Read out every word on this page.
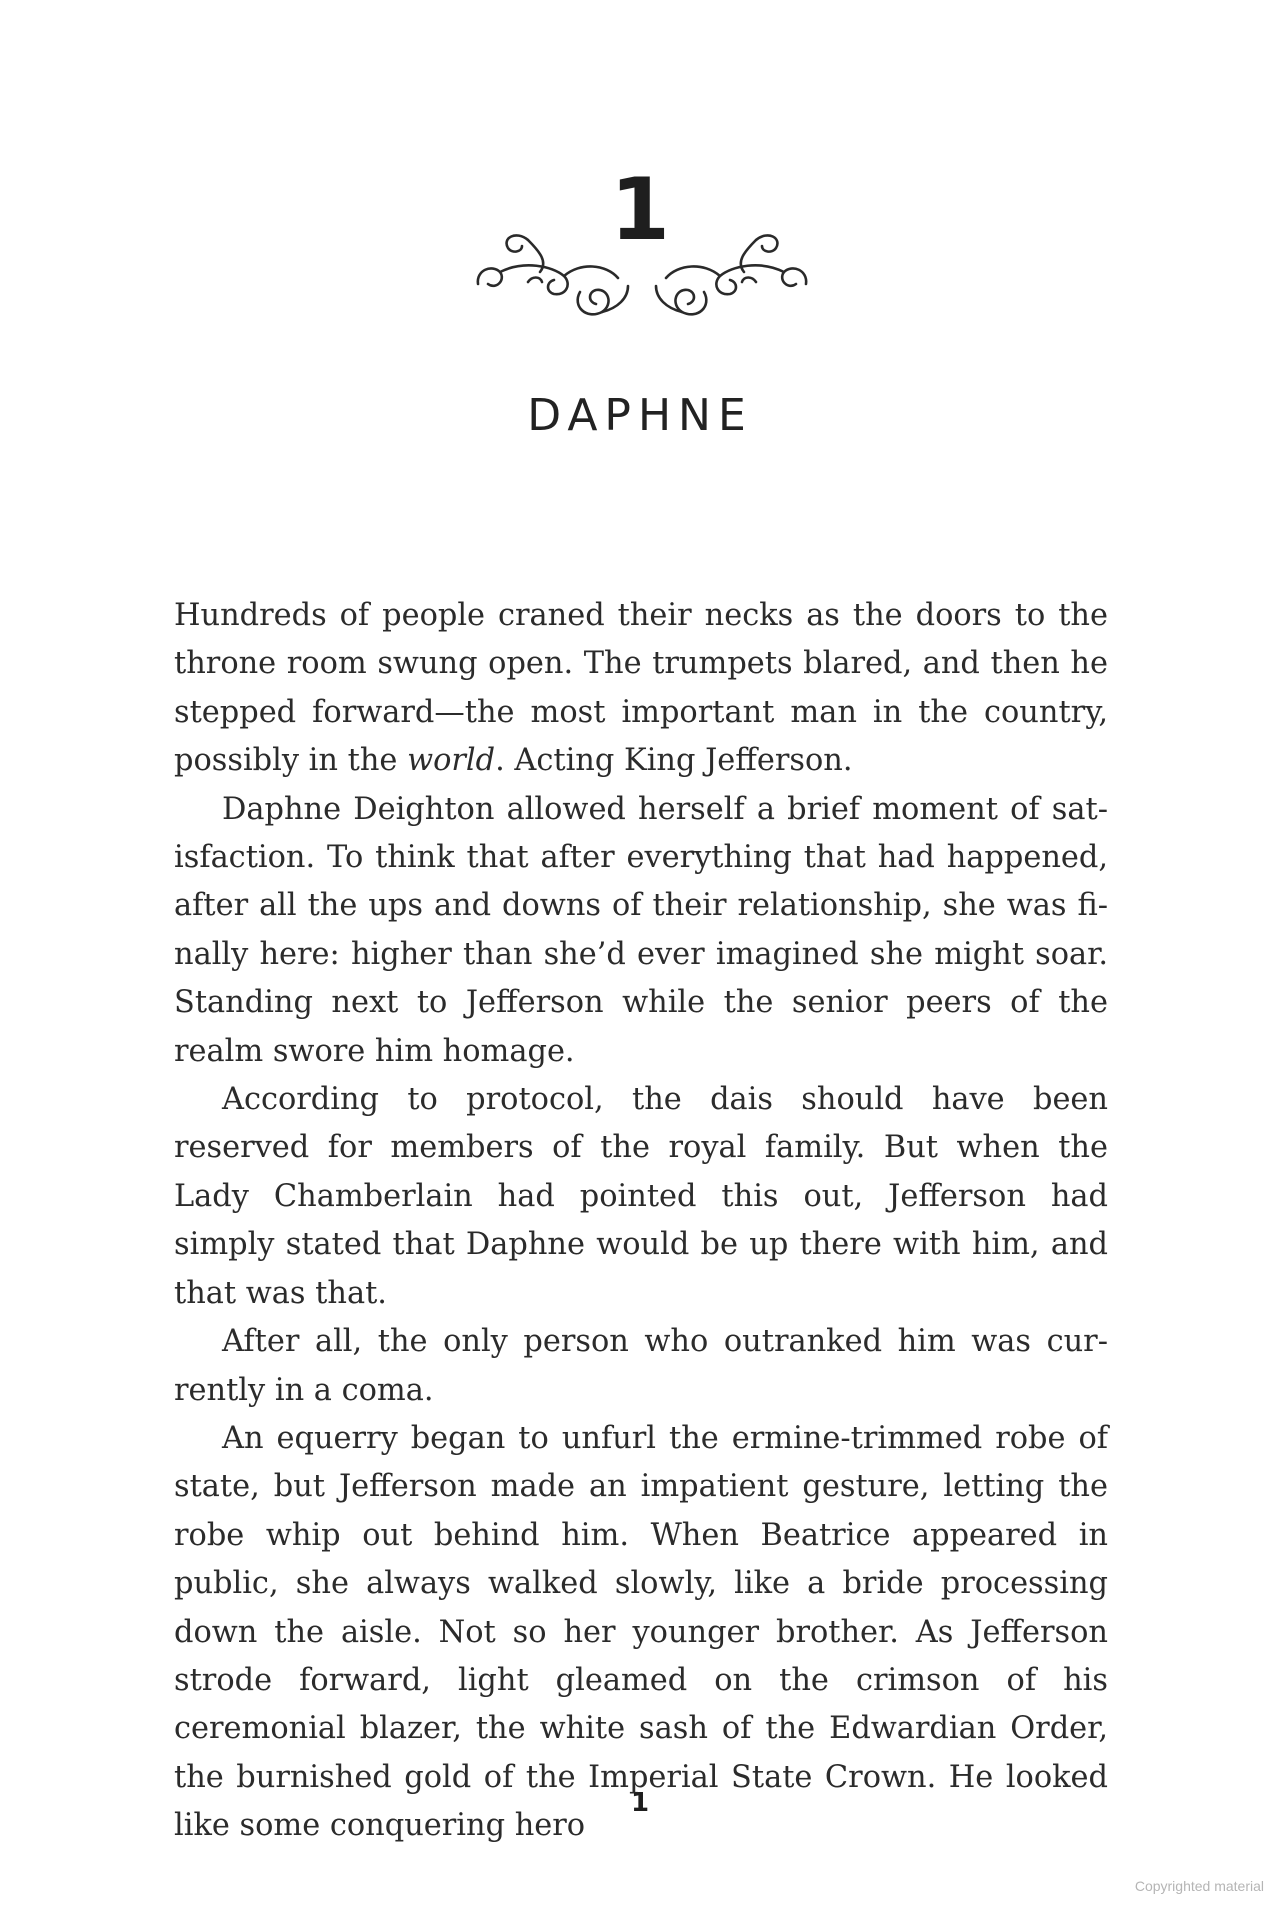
1
DAPHNE

Hundreds of people craned their necks as the doors to the throne room swung open. The trumpets blared, and then he stepped forward—the most important man in the country, possibly in the world. Acting King Jefferson.

Daphne Deighton allowed herself a brief moment of satisfaction. To think that after everything that had happened, after all the ups and downs of their relationship, she was finally here: higher than she’d ever imagined she might soar. Standing next to Jefferson while the senior peers of the realm swore him homage.

According to protocol, the dais should have been reserved for members of the royal family. But when the Lady Chamberlain had pointed this out, Jefferson had simply stated that Daphne would be up there with him, and that was that.

After all, the only person who outranked him was currently in a coma.

An equerry began to unfurl the ermine-trimmed robe of state, but Jefferson made an impatient gesture, letting the robe whip out behind him. When Beatrice appeared in public, she always walked slowly, like a bride processing down the aisle. Not so her younger brother. As Jefferson strode forward, light gleamed on the crimson of his ceremonial blazer, the white sash of the Edwardian Order, the burnished gold of the Imperial State Crown. He looked like some conquering hero

1
Copyrighted material
